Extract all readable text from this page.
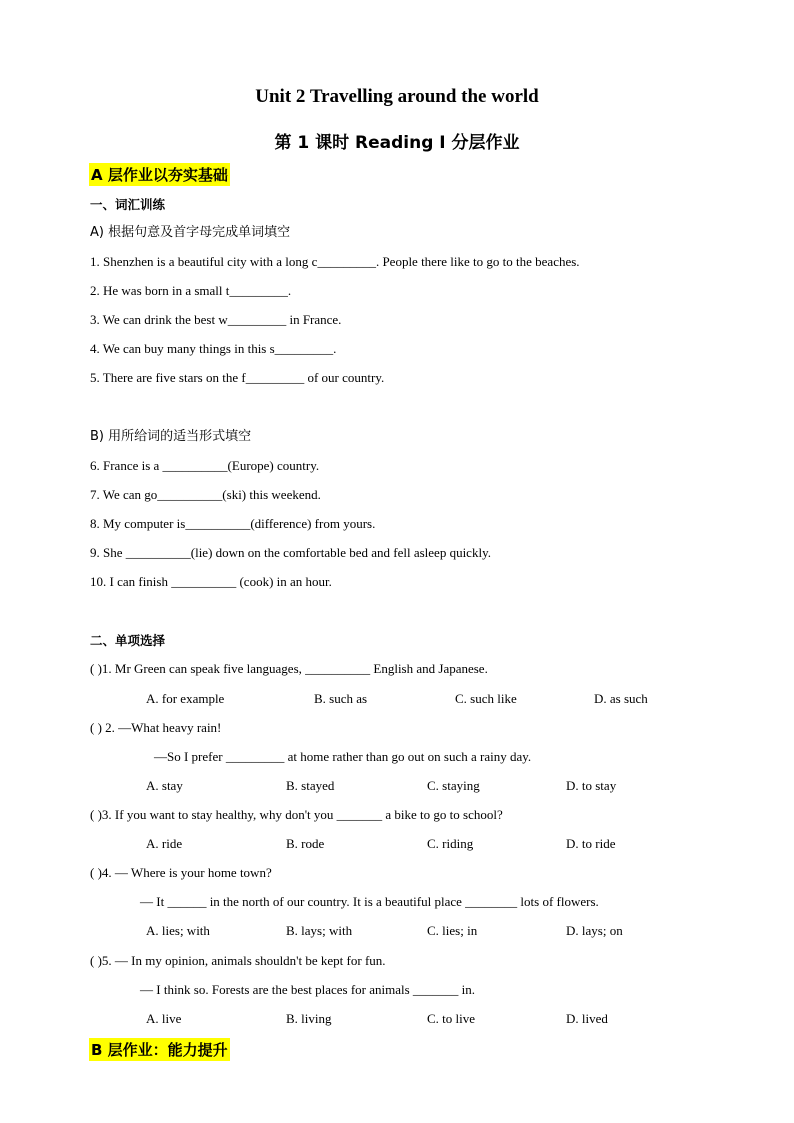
Unit 2 Travelling around the world
第 1 课时 Reading I 分层作业
A 层作业以夯实基础
一、词汇训练
A) 根据句意及首字母完成单词填空
1. Shenzhen is a beautiful city with a long c_________. People there like to go to the beaches.
2. He was born in a small t_________.
3. We can drink the best w_________ in France.
4. We can buy many things in this s_________.
5. There are five stars on the f_________ of our country.
B) 用所给词的适当形式填空
6. France is a __________(Europe) country.
7. We can go__________(ski) this weekend.
8. My computer is__________(difference) from yours.
9. She __________(lie) down on the comfortable bed and fell asleep quickly.
10. I can finish __________ (cook) in an hour.
二、单项选择
( )1. Mr Green can speak five languages, __________ English and Japanese.
A. for example	B. such as	C. such like	D. as such
( ) 2. —What heavy rain!
—So I prefer _________ at home rather than go out on such a rainy day.
A. stay	B. stayed	C. staying	D. to stay
( )3. If you want to stay healthy, why don't you _______ a bike to go to school?
A. ride	B. rode	C. riding	D. to ride
( )4. — Where is your home town?
— It ______ in the north of our country. It is a beautiful place ________ lots of flowers.
A. lies; with	B. lays; with	C. lies; in	D. lays; on
( )5. — In my opinion, animals shouldn't be kept for fun.
— I think so. Forests are the best places for animals _______ in.
A. live	B. living	C. to live	D. lived
B 层作业：能力提升
